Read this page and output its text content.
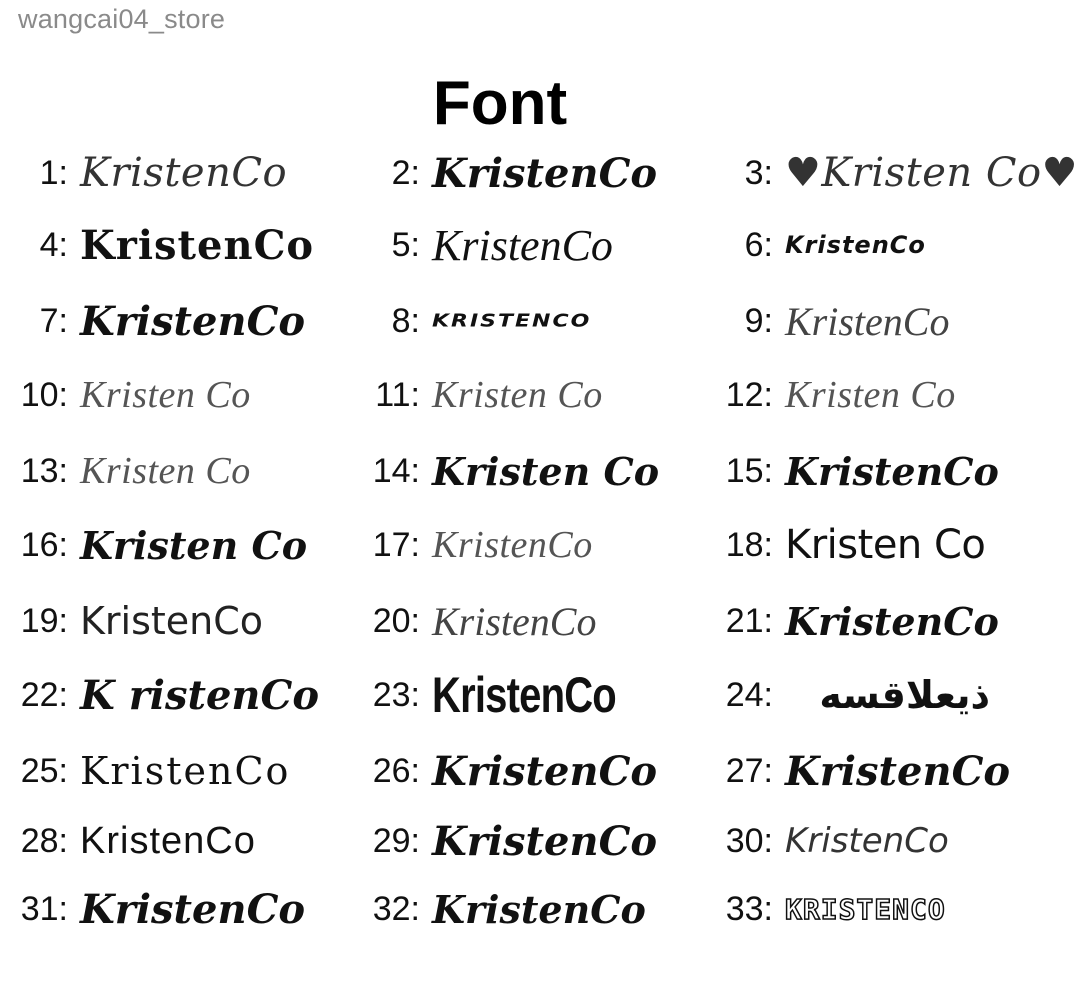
wangcai04_store
Font
1: KristenCo	2: KristenCo	3: ♥Kristen Co♥
4: KristenCo	5: KristenCo	6: KristenCo
7: KristenCo	8: KRISTENCO	9: KristenCo
10: Kristen Co	11: Kristen Co	12: Kristen Co
13: Kristen Co	14: Kristen Co	15: KristenCo
16: Kristen Co	17: KristenCo	18: Kristen Co
19: KristenCo	20: KristenCo	21: KristenCo
22: K ristenCo	23: KristenCo	24:	ذيعلاقسه
25: KristenCo	26: KristenCo	27: KristenCo
28: KristenCo	29: KristenCo	30: KristenCo
31: KristenCo	32: KristenCo	33: KRISTENCO
